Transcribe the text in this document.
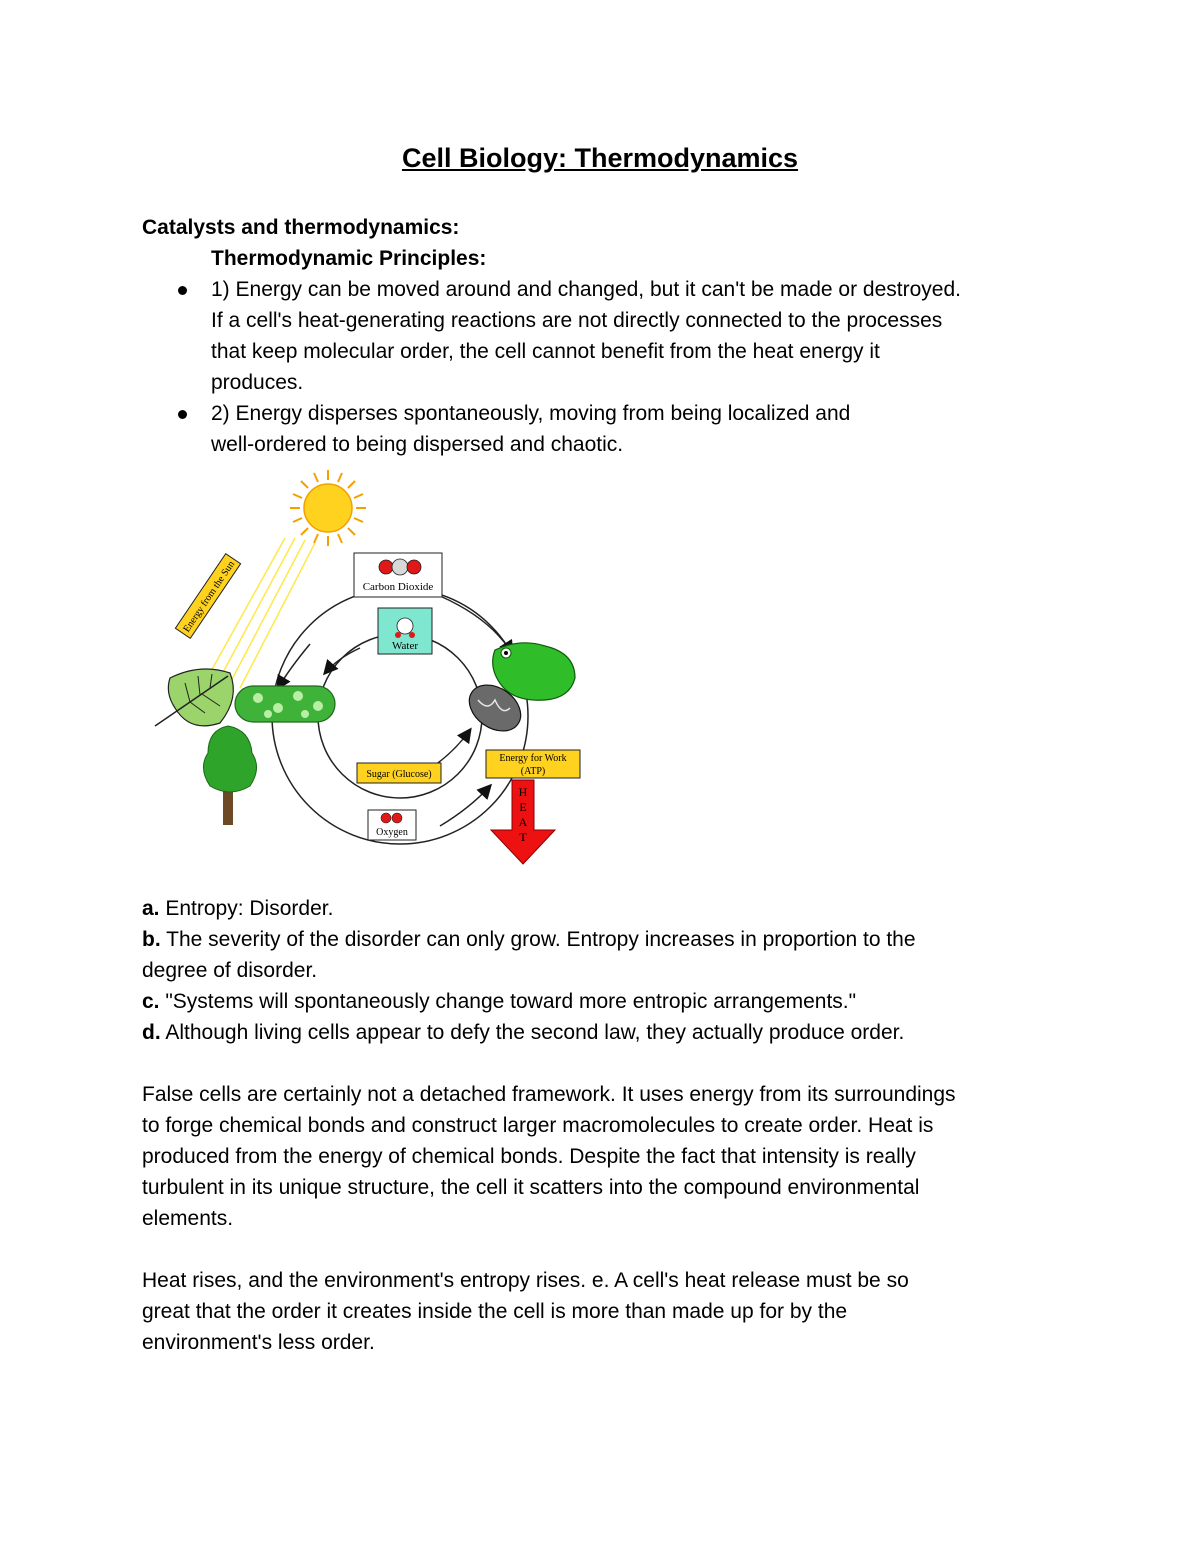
Cell Biology: Thermodynamics
Catalysts and thermodynamics:
Thermodynamic Principles:
1) Energy can be moved around and changed, but it can't be made or destroyed.
If a cell's heat-generating reactions are not directly connected to the processes
that keep molecular order, the cell cannot benefit from the heat energy it
produces.
2) Energy disperses spontaneously, moving from being localized and
well-ordered to being dispersed and chaotic.
Energy from the Sun	Carbon Dioxide
Water
Sugar (Glucose)
Oxygen
Energy for Work
(ATP)
H
E
A
T
a. Entropy: Disorder.
b. The severity of the disorder can only grow. Entropy increases in proportion to the
degree of disorder.
c. "Systems will spontaneously change toward more entropic arrangements."
d. Although living cells appear to defy the second law, they actually produce order.
False cells are certainly not a detached framework. It uses energy from its surroundings
to forge chemical bonds and construct larger macromolecules to create order. Heat is
produced from the energy of chemical bonds. Despite the fact that intensity is really
turbulent in its unique structure, the cell it scatters into the compound environmental
elements.
Heat rises, and the environment's entropy rises. e. A cell's heat release must be so
great that the order it creates inside the cell is more than made up for by the
environment's less order.
